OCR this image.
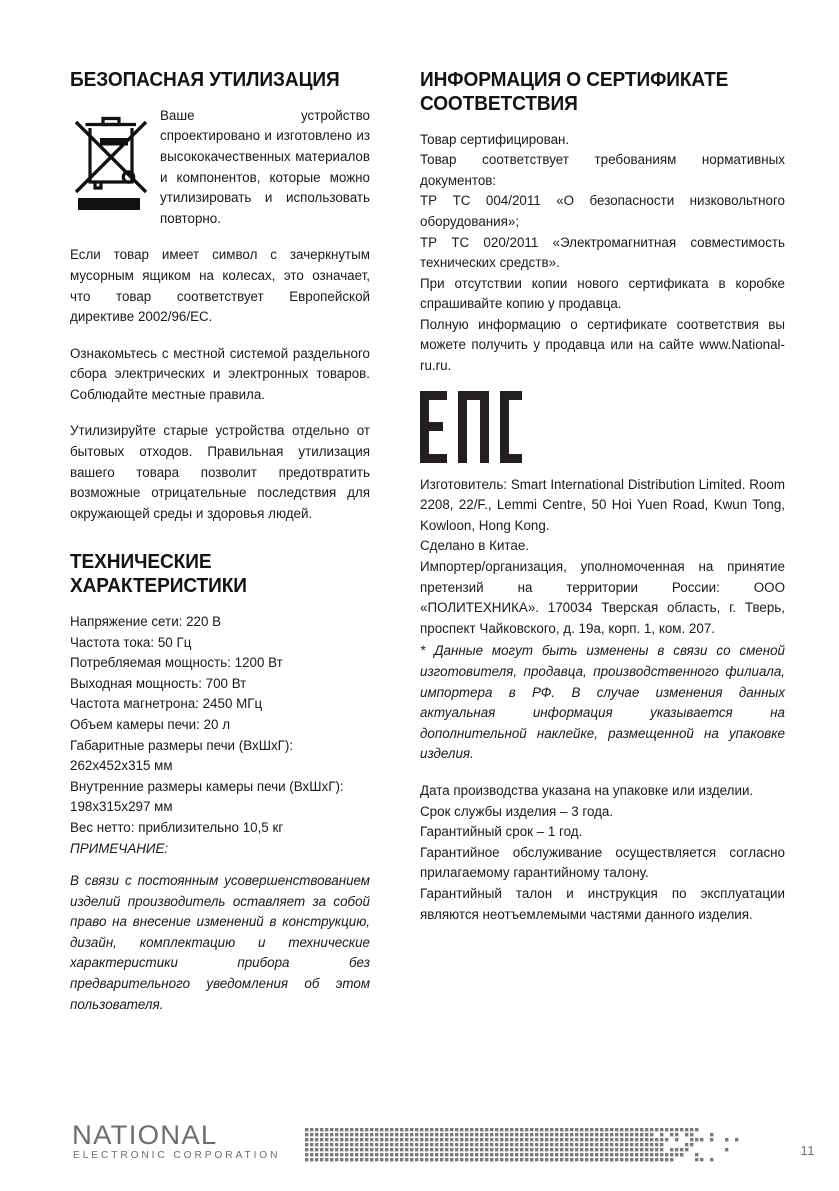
БЕЗОПАСНАЯ УТИЛИЗАЦИЯ
Ваше устройство спроектировано и изготовлено из высококачественных материалов и компонентов, которые можно утилизировать и использовать повторно.

Если товар имеет символ с зачеркнутым мусорным ящиком на колесах, это означает, что товар соответствует Европейской директиве 2002/96/EC.

Ознакомьтесь с местной системой раздельного сбора электрических и электронных товаров. Соблюдайте местные правила.

Утилизируйте старые устройства отдельно от бытовых отходов. Правильная утилизация вашего товара позволит предотвратить возможные отрицательные последствия для окружающей среды и здоровья людей.

ТЕХНИЧЕСКИЕ ХАРАКТЕРИСТИКИ
Напряжение сети: 220 В
Частота тока: 50 Гц
Потребляемая мощность: 1200 Вт
Выходная мощность: 700 Вт
Частота магнетрона: 2450 МГц
Объем камеры печи: 20 л
Габаритные размеры печи (ВхШхГ):
262х452х315 мм
Внутренние размеры камеры печи (ВхШхГ):
198х315х297 мм
Вес нетто: приблизительно 10,5 кг

ПРИМЕЧАНИЕ:

В связи с постоянным усовершенствованием изделий производитель оставляет за собой право на внесение изменений в конструкцию, дизайн, комплектацию и технические характеристики прибора без предварительного уведомления об этом пользователя.

ИНФОРМАЦИЯ О СЕРТИФИКАТЕ СООТВЕТСТВИЯ

Товар сертифицирован.

Товар соответствует требованиям нормативных документов:

ТР ТС 004/2011 «О безопасности низковольтного оборудования»;

ТР ТС 020/2011 «Электромагнитная совместимость технических средств».

При отсутствии копии нового сертификата в коробке спрашивайте копию у продавца.

Полную информацию о сертификате соответствия вы можете получить у продавца или на сайте www.National-ru.ru.

Изготовитель: Smart International Distribution Limited. Room 2208, 22/F., Lemmi Centre, 50 Hoi Yuen Road, Kwun Tong, Kowloon, Hong Kong.

Сделано в Китае.

Импортер/организация, уполномоченная на принятие претензий на территории России: ООО «ПОЛИТЕХНИКА». 170034 Тверская область, г. Тверь, проспект Чайковского, д. 19а, корп. 1, ком. 207.

* Данные могут быть изменены в связи со сменой изготовителя, продавца, производственного филиала, импортера в РФ. В случае изменения данных актуальная информация указывается на дополнительной наклейке, размещенной на упаковке изделия.

Дата производства указана на упаковке или изделии.

Срок службы изделия – 3 года.

Гарантийный срок – 1 год.

Гарантийное обслуживание осуществляется согласно прилагаемому гарантийному талону.

Гарантийный талон и инструкция по эксплуатации являются неотъемлемыми частями данного изделия.

NATIONAL
ELECTRONIC CORPORATION	11
